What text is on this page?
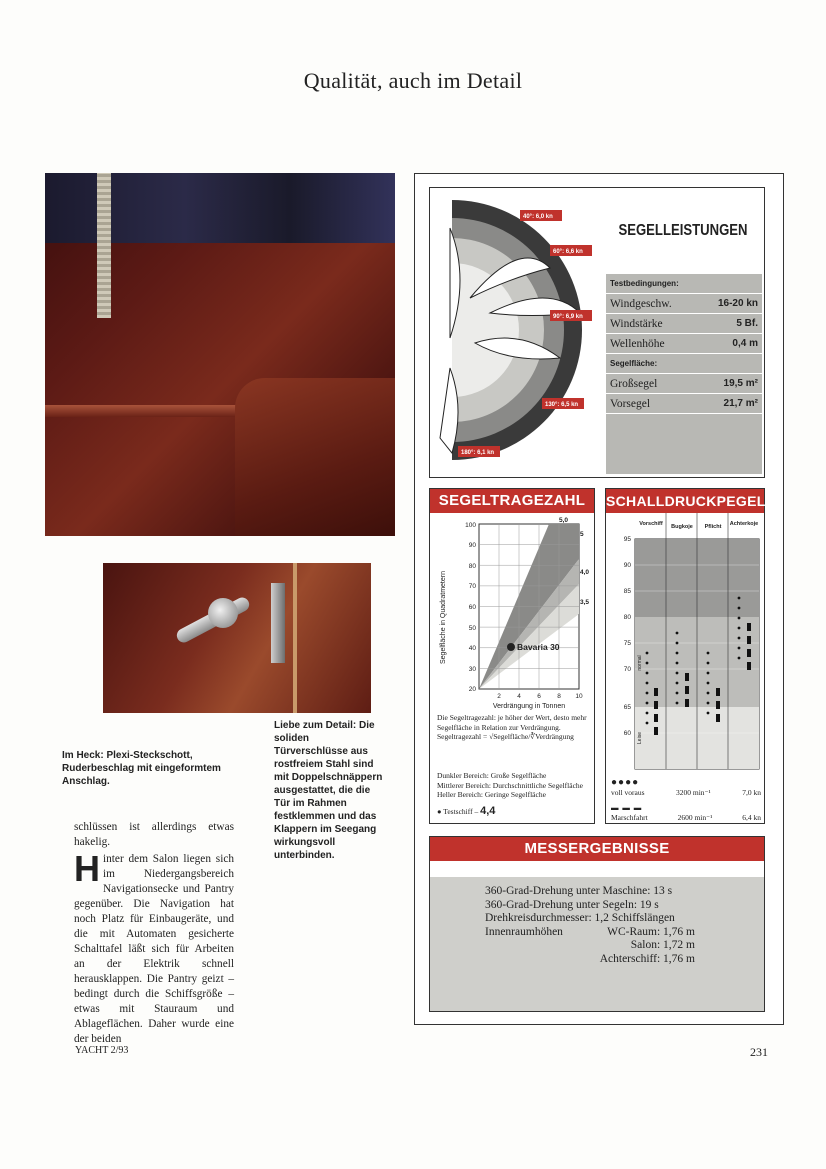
Qualität, auch im Detail
Im Heck: Plexi-Steckschott, Ruderbeschlag mit eingeformtem Anschlag.
Liebe zum Detail: Die soliden Türverschlüsse aus rostfreiem Stahl sind mit Doppelschnäppern ausgestattet, die die Tür im Rahmen festklemmen und das Klappern im Seegang wirkungsvoll unterbinden.
schlüssen ist allerdings etwas hakelig.
H inter dem Salon liegen sich im Niedergangsbereich Navigationsecke und Pantry gegenüber. Die Navigation hat noch Platz für Einbaugeräte, und die mit Automaten gesicherte Schalttafel läßt sich für Arbeiten an der Elektrik schnell herausklappen. Die Pantry geizt – bedingt durch die Schiffsgröße – etwas mit Stauraum und Ablageflächen. Daher wurde eine der beiden
YACHT 2/93	231
40°: 6,0 kn
60°: 6,6 kn
90°: 6,9 kn
130°: 6,5 kn
180°: 6,1 kn
SEGELLEISTUNGEN
Testbedingungen:
Windgeschw.	16-20 kn
Windstärke	5 Bf.
Wellenhöhe	0,4 m
Segelfläche:
Großsegel	19,5 m²
Vorsegel	21,7 m²
SEGELTRAGEZAHL
100
90
80
70
60
50
40
30
20
2	4	6	8 10
5,0
5
4,0
3,5
Bavaria 30
Verdrängung in Tonnen
Segelfläche in Quadratmetern
Die Segeltragezahl: je höher der Wert, desto mehr Segelfläche in Relation zur Verdrängung. Segeltragezahl = √Segelfläche/∛Verdrängung
Dunkler Bereich: Große Segelfläche
Mittlerer Bereich: Durchschnittliche Segelfläche
Heller Bereich: Geringe Segelfläche
● Testschiff – 4,4
SCHALLDRUCKPEGEL
Vorschiff Bugkoje Pflicht Achterkoje
95
90
85
80
75
70
65
60
normal
Leise
●●●●
voll voraus	3200 min⁻¹	7,0 kn
▬ ▬ ▬
Marschfahrt	2600 min⁻¹	6,4 kn
MESSERGEBNISSE
360-Grad-Drehung unter Maschine: 13 s
360-Grad-Drehung unter Segeln: 19 s
Drehkreisdurchmesser: 1,2 Schiffslängen
Innenraumhöhen	WC-Raum: 1,76 m
Salon: 1,72 m
Achterschiff: 1,76 m
